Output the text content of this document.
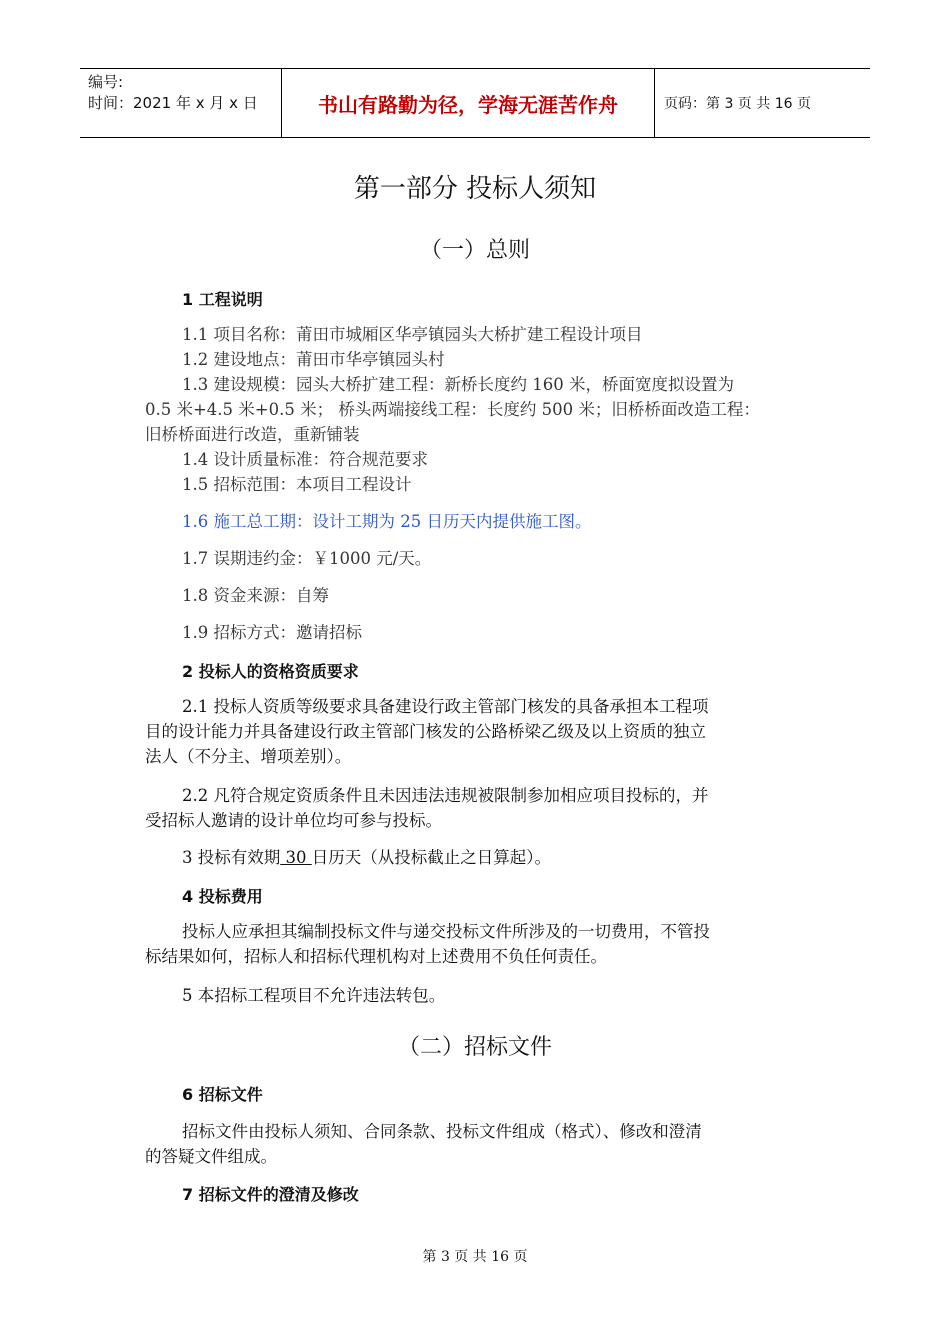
编号:
时间：2021 年 x 月 x 日	书山有路勤为径，学海无涯苦作舟	页码：第 3 页 共 16 页
第一部分 投标人须知
（一）总则
1 工程说明
1.1 项目名称：莆田市城厢区华亭镇园头大桥扩建工程设计项目
1.2 建设地点：莆田市华亭镇园头村
1.3 建设规模：园头大桥扩建工程：新桥长度约 160 米，桥面宽度拟设置为
0.5 米+4.5 米+0.5 米； 桥头两端接线工程：长度约 500 米；旧桥桥面改造工程：
旧桥桥面进行改造，重新铺装
1.4 设计质量标准：符合规范要求
1.5 招标范围：本项目工程设计
1.6 施工总工期：设计工期为 25 日历天内提供施工图。
1.7 误期违约金：￥1000 元/天。
1.8 资金来源：自筹
1.9 招标方式：邀请招标
2 投标人的资格资质要求
2.1 投标人资质等级要求具备建设行政主管部门核发的具备承担本工程项
目的设计能力并具备建设行政主管部门核发的公路桥梁乙级及以上资质的独立
法人（不分主、增项差别）。
2.2 凡符合规定资质条件且未因违法违规被限制参加相应项目投标的，并
受招标人邀请的设计单位均可参与投标。
3 投标有效期 30 日历天（从投标截止之日算起）。
4 投标费用
投标人应承担其编制投标文件与递交投标文件所涉及的一切费用，不管投
标结果如何，招标人和招标代理机构对上述费用不负任何责任。
5 本招标工程项目不允许违法转包。
（二）招标文件
6 招标文件
招标文件由投标人须知、合同条款、投标文件组成（格式）、修改和澄清
的答疑文件组成。
7 招标文件的澄清及修改
第 3 页 共 16 页
